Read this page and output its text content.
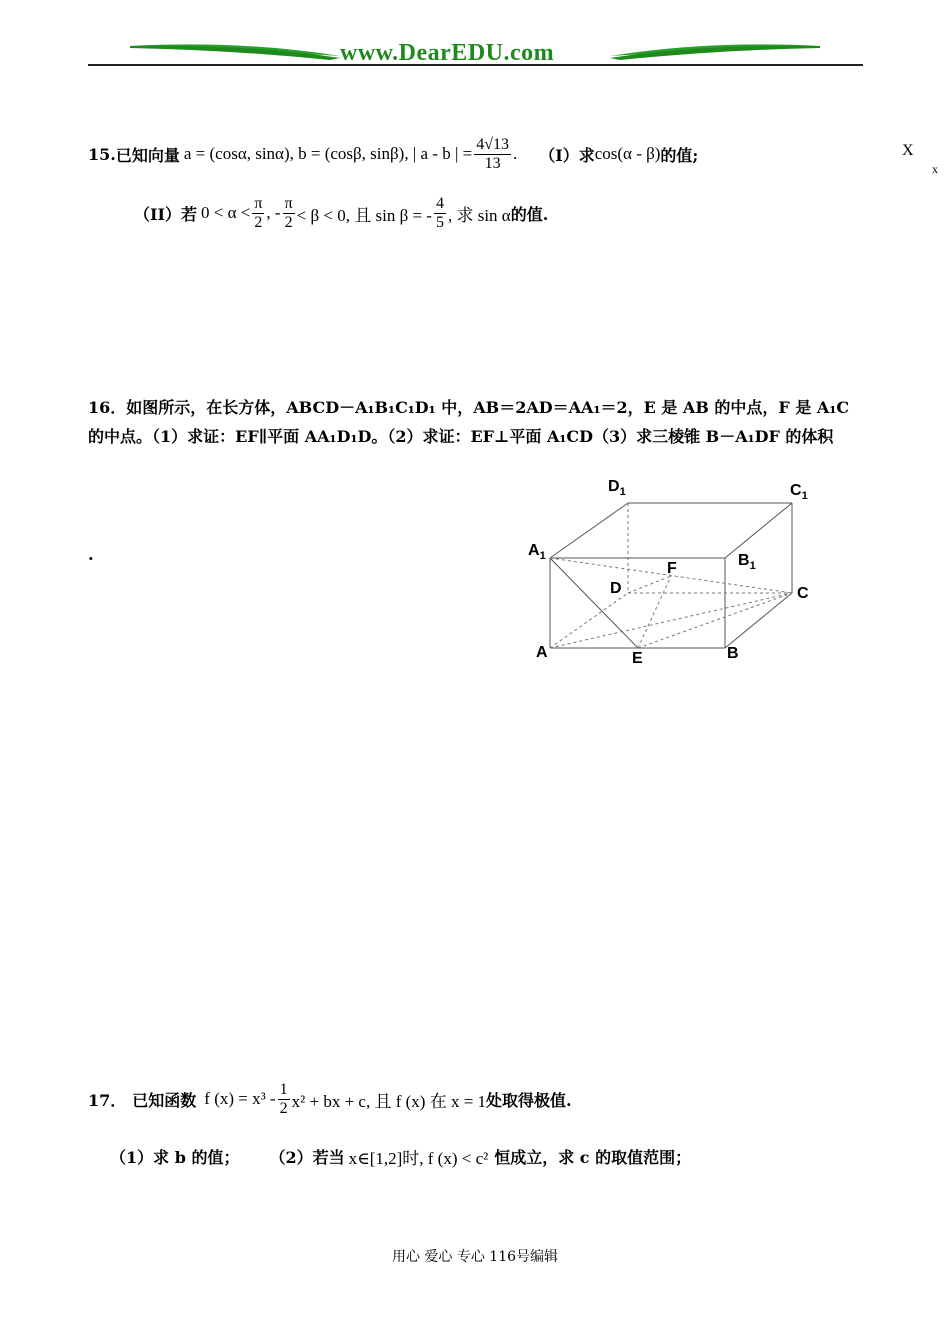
www.DearEDU.com
15. 已知向量 a = (cosα, sinα), b = (cosβ, sinβ), | a - b | = $\frac{4√13}{13}$ . （I）求 cos(α - β) 的值;	X
x
（II）若 $0 < \alpha < \frac{\pi}{2}$ , - $\frac{\pi}{2} < \beta < 0$, 且 sin β = - $\frac{4}{5}$ , 求 sin α 的值.
16．如图所示，在长方体，ABCD－A₁B₁C₁D₁ 中，AB＝2AD＝AA₁＝2，E 是 AB 的中点，F 是 A₁C
的中点。（1）求证：EF∥平面 AA₁D₁D。（2）求证：EF⊥平面 A₁CD（3）求三棱锥 B－A₁DF 的体积
.
$D_1$	$C_1$
$A_1$	$B_1$
F
D	C
A	E	B
17． 已知函数 f $(x) = x^3 - \frac{1}{2} x^2$ + bx + c, 且 f (x) 在 x = 1 处取得极值.
（1）求 b 的值； （2）若当 x∈[1,2]时, f (x) < c² 恒成立，求 c 的取值范围；
用心 爱心 专心 116号编辑
